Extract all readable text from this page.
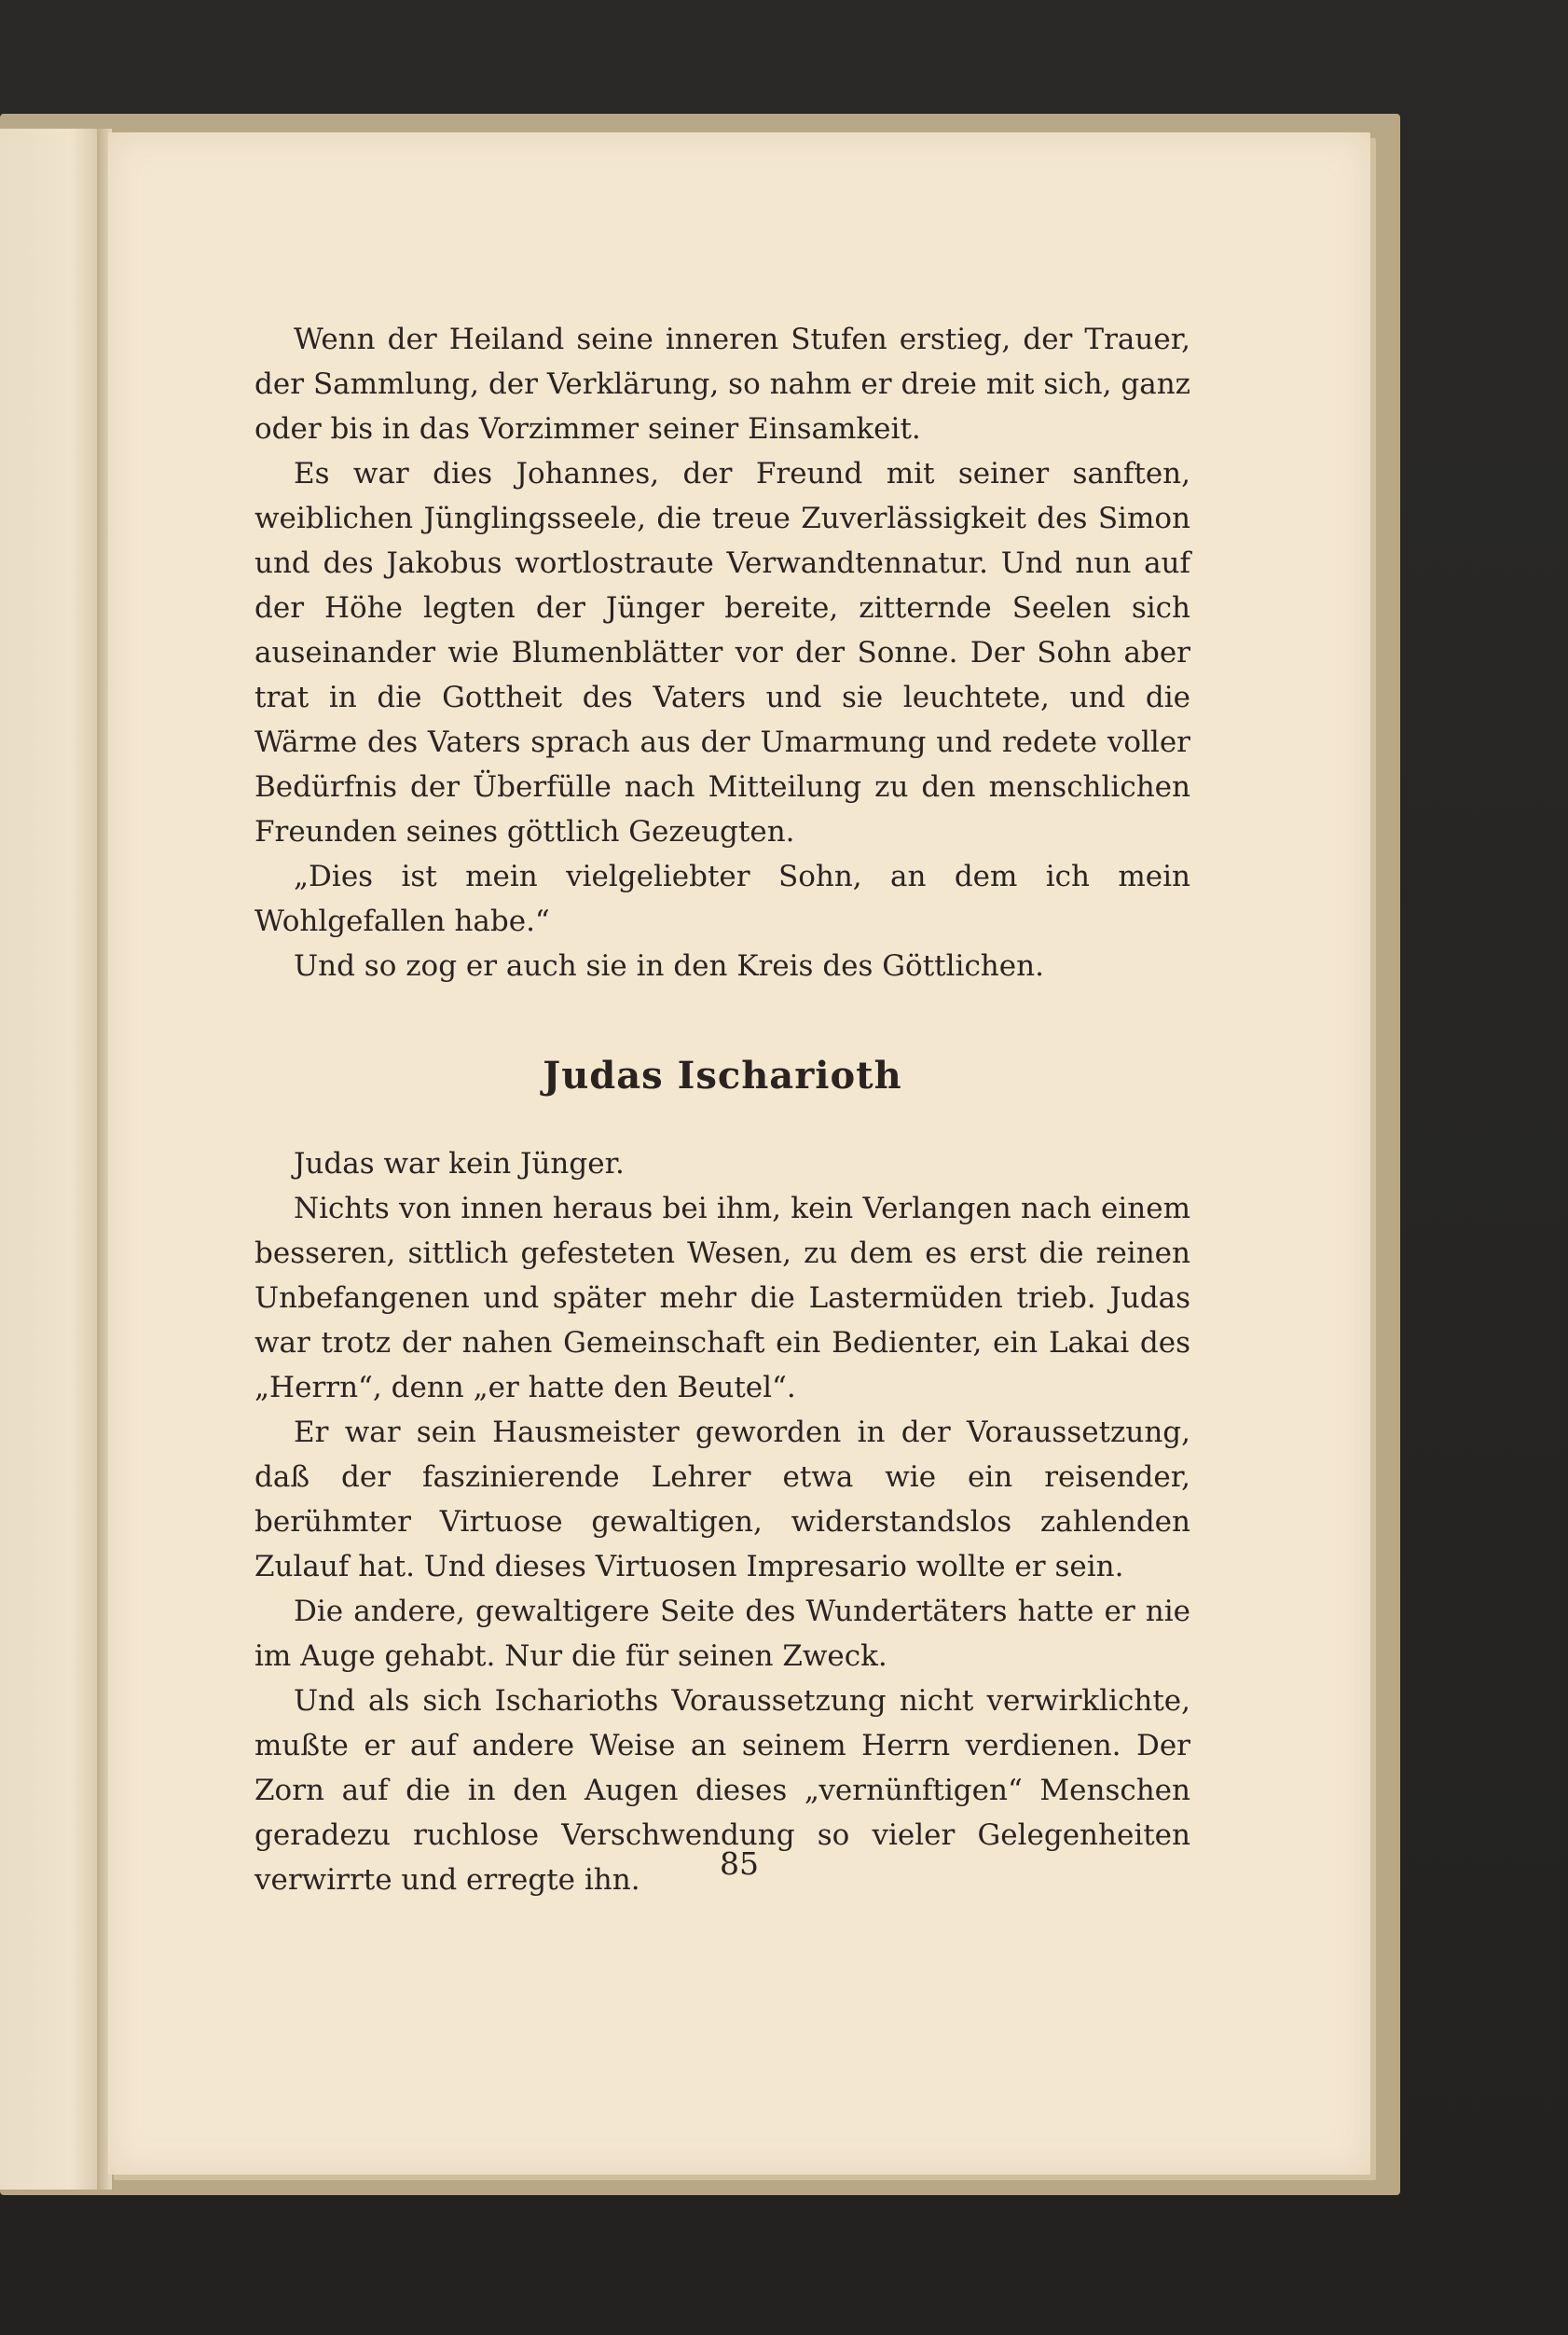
Wenn der Heiland seine inneren Stufen erstieg, der Trauer, der Sammlung, der Verklärung, so nahm er dreie mit sich, ganz oder bis in das Vorzimmer seiner Einsamkeit.

Es war dies Johannes, der Freund mit seiner sanften, weiblichen Jünglingsseele, die treue Zuverlässigkeit des Simon und des Jakobus wortlostraute Verwandtennatur. Und nun auf der Höhe legten der Jünger bereite, zitternde Seelen sich auseinander wie Blumenblätter vor der Sonne. Der Sohn aber trat in die Gottheit des Vaters und sie leuchtete, und die Wärme des Vaters sprach aus der Umarmung und redete voller Bedürfnis der Überfülle nach Mitteilung zu den menschlichen Freunden seines göttlich Gezeugten.

„Dies ist mein vielgeliebter Sohn, an dem ich mein Wohlgefallen habe.“

Und so zog er auch sie in den Kreis des Göttlichen.

Judas Ischarioth

Judas war kein Jünger.

Nichts von innen heraus bei ihm, kein Verlangen nach einem besseren, sittlich gefesteten Wesen, zu dem es erst die reinen Unbefangenen und später mehr die Lastermüden trieb. Judas war trotz der nahen Gemeinschaft ein Bedienter, ein Lakai des „Herrn“, denn „er hatte den Beutel“.

Er war sein Hausmeister geworden in der Voraussetzung, daß der faszinierende Lehrer etwa wie ein reisender, berühmter Virtuose gewaltigen, widerstandslos zahlenden Zulauf hat. Und dieses Virtuosen Impresario wollte er sein.

Die andere, gewaltigere Seite des Wundertäters hatte er nie im Auge gehabt. Nur die für seinen Zweck.

Und als sich Ischarioths Voraussetzung nicht verwirklichte, mußte er auf andere Weise an seinem Herrn verdienen. Der Zorn auf die in den Augen dieses „vernünftigen“ Menschen geradezu ruchlose Verschwendung so vieler Gelegenheiten verwirrte und erregte ihn.	85
